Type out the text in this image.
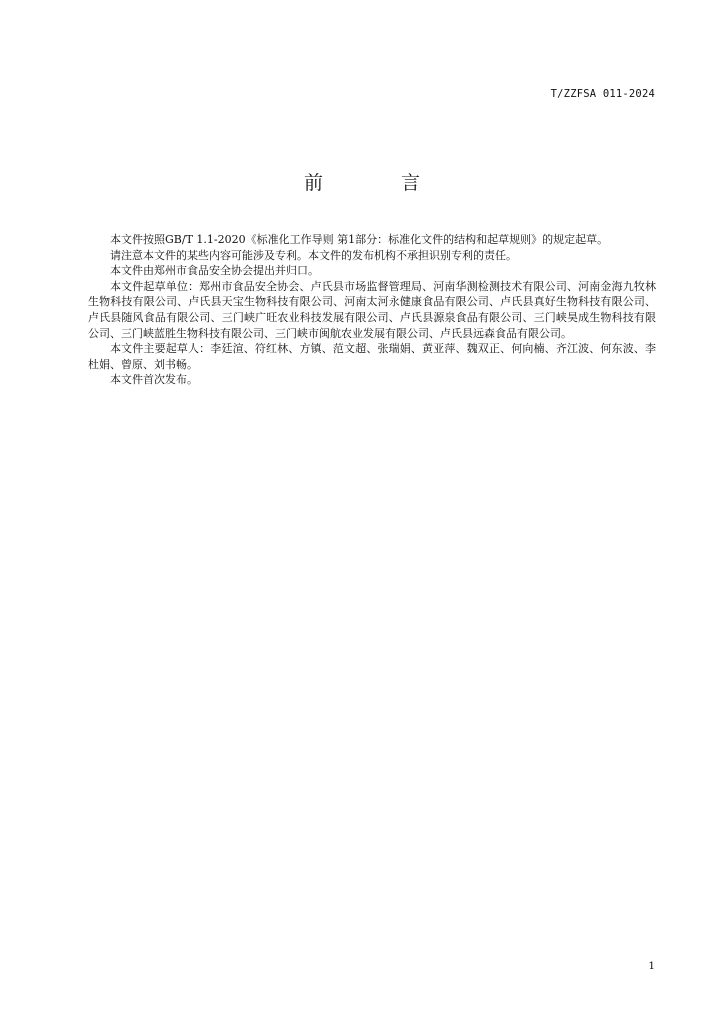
T/ZZFSA 011-2024
前 言

本文件按照GB/T 1.1-2020《标准化工作导则 第1部分：标准化文件的结构和起草规则》的规定起草。

请注意本文件的某些内容可能涉及专利。本文件的发布机构不承担识别专利的责任。

本文件由郑州市食品安全协会提出并归口。

本文件起草单位：郑州市食品安全协会、卢氏县市场监督管理局、河南华测检测技术有限公司、河南金海九牧林生物科技有限公司、卢氏县天宝生物科技有限公司、河南太河永健康食品有限公司、卢氏县真好生物科技有限公司、卢氏县随风食品有限公司、三门峡广旺农业科技发展有限公司、卢氏县源泉食品有限公司、三门峡昊成生物科技有限公司、三门峡蓝胜生物科技有限公司、三门峡市闽航农业发展有限公司、卢氏县远森食品有限公司。

本文件主要起草人：李廷渲、符红林、方镇、范文超、张瑞娟、黄亚萍、魏双正、何向楠、齐江波、何东波、李杜娟、曾原、刘书畅。

本文件首次发布。

1
